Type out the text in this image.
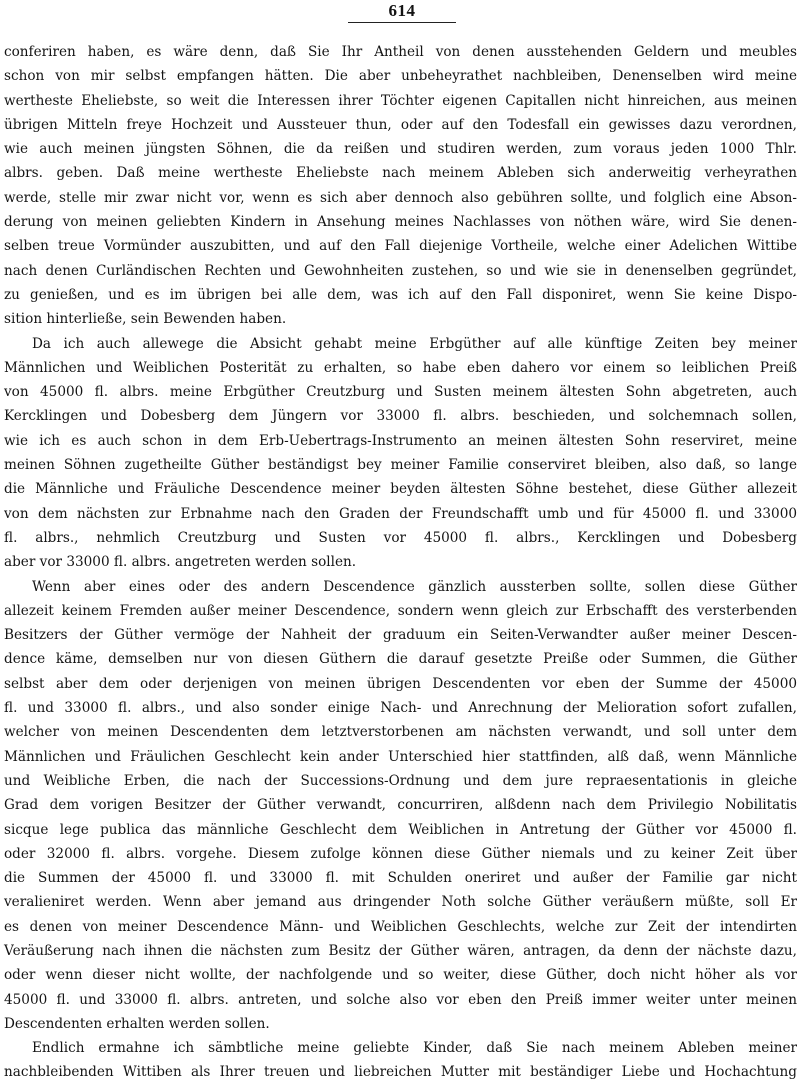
614
conferiren haben, es wäre denn, daß Sie Ihr Antheil von denen ausstehenden Geldern und meubles
schon von mir selbst empfangen hätten. Die aber unbeheyrathet nachbleiben, Denenselben wird meine
wertheste Eheliebste, so weit die Interessen ihrer Töchter eigenen Capitallen nicht hinreichen, aus meinen
übrigen Mitteln freye Hochzeit und Aussteuer thun, oder auf den Todesfall ein gewisses dazu verordnen,
wie auch meinen jüngsten Söhnen, die da reißen und studiren werden, zum voraus jeden 1000 Thlr.
albrs. geben. Daß meine wertheste Eheliebste nach meinem Ableben sich anderweitig verheyrathen
werde, stelle mir zwar nicht vor, wenn es sich aber dennoch also gebühren sollte, und folglich eine Abson-
derung von meinen geliebten Kindern in Ansehung meines Nachlasses von nöthen wäre, wird Sie denen-
selben treue Vormünder auszubitten, und auf den Fall diejenige Vortheile, welche einer Adelichen Wittibe
nach denen Curländischen Rechten und Gewohnheiten zustehen, so und wie sie in denenselben gegründet,
zu genießen, und es im übrigen bei alle dem, was ich auf den Fall disponiret, wenn Sie keine Dispo-
sition hinterließe, sein Bewenden haben.
Da ich auch allewege die Absicht gehabt meine Erbgüther auf alle künftige Zeiten bey meiner
Männlichen und Weiblichen Posterität zu erhalten, so habe eben dahero vor einem so leiblichen Preiß
von 45000 fl. albrs. meine Erbgüther Creutzburg und Susten meinem ältesten Sohn abgetreten, auch
Kercklingen und Dobesberg dem Jüngern vor 33000 fl. albrs. beschieden, und solchemnach sollen,
wie ich es auch schon in dem Erb-Uebertrags-Instrumento an meinen ältesten Sohn reserviret, meine
meinen Söhnen zugetheilte Güther beständigst bey meiner Familie conserviret bleiben, also daß, so lange
die Männliche und Fräuliche Descendence meiner beyden ältesten Söhne bestehet, diese Güther allezeit
von dem nächsten zur Erbnahme nach den Graden der Freundschafft umb und für 45000 fl. und 33000
fl. albrs., nehmlich Creutzburg und Susten vor 45000 fl. albrs., Kercklingen und Dobesberg
aber vor 33000 fl. albrs. angetreten werden sollen.
Wenn aber eines oder des andern Descendence gänzlich aussterben sollte, sollen diese Güther
allezeit keinem Fremden außer meiner Descendence, sondern wenn gleich zur Erbschafft des versterbenden
Besitzers der Güther vermöge der Nahheit der graduum ein Seiten-Verwandter außer meiner Descen-
dence käme, demselben nur von diesen Güthern die darauf gesetzte Preiße oder Summen, die Güther
selbst aber dem oder derjenigen von meinen übrigen Descendenten vor eben der Summe der 45000
fl. und 33000 fl. albrs., und also sonder einige Nach- und Anrechnung der Melioration sofort zufallen,
welcher von meinen Descendenten dem letztverstorbenen am nächsten verwandt, und soll unter dem
Männlichen und Fräulichen Geschlecht kein ander Unterschied hier stattfinden, alß daß, wenn Männliche
und Weibliche Erben, die nach der Successions-Ordnung und dem jure repraesentationis in gleiche
Grad dem vorigen Besitzer der Güther verwandt, concurriren, alßdenn nach dem Privilegio Nobilitatis
sicque lege publica das männliche Geschlecht dem Weiblichen in Antretung der Güther vor 45000 fl.
oder 32000 fl. albrs. vorgehe. Diesem zufolge können diese Güther niemals und zu keiner Zeit über
die Summen der 45000 fl. und 33000 fl. mit Schulden oneriret und außer der Familie gar nicht
veralieniret werden. Wenn aber jemand aus dringender Noth solche Güther veräußern müßte, soll Er
es denen von meiner Descendence Männ- und Weiblichen Geschlechts, welche zur Zeit der intendirten
Veräußerung nach ihnen die nächsten zum Besitz der Güther wären, antragen, da denn der nächste dazu,
oder wenn dieser nicht wollte, der nachfolgende und so weiter, diese Güther, doch nicht höher als vor
45000 fl. und 33000 fl. albrs. antreten, und solche also vor eben den Preiß immer weiter unter meinen
Descendenten erhalten werden sollen.
Endlich ermahne ich sämbtliche meine geliebte Kinder, daß Sie nach meinem Ableben meiner
nachbleibenden Wittiben als Ihrer treuen und liebreichen Mutter mit beständiger Liebe und Hochachtung
